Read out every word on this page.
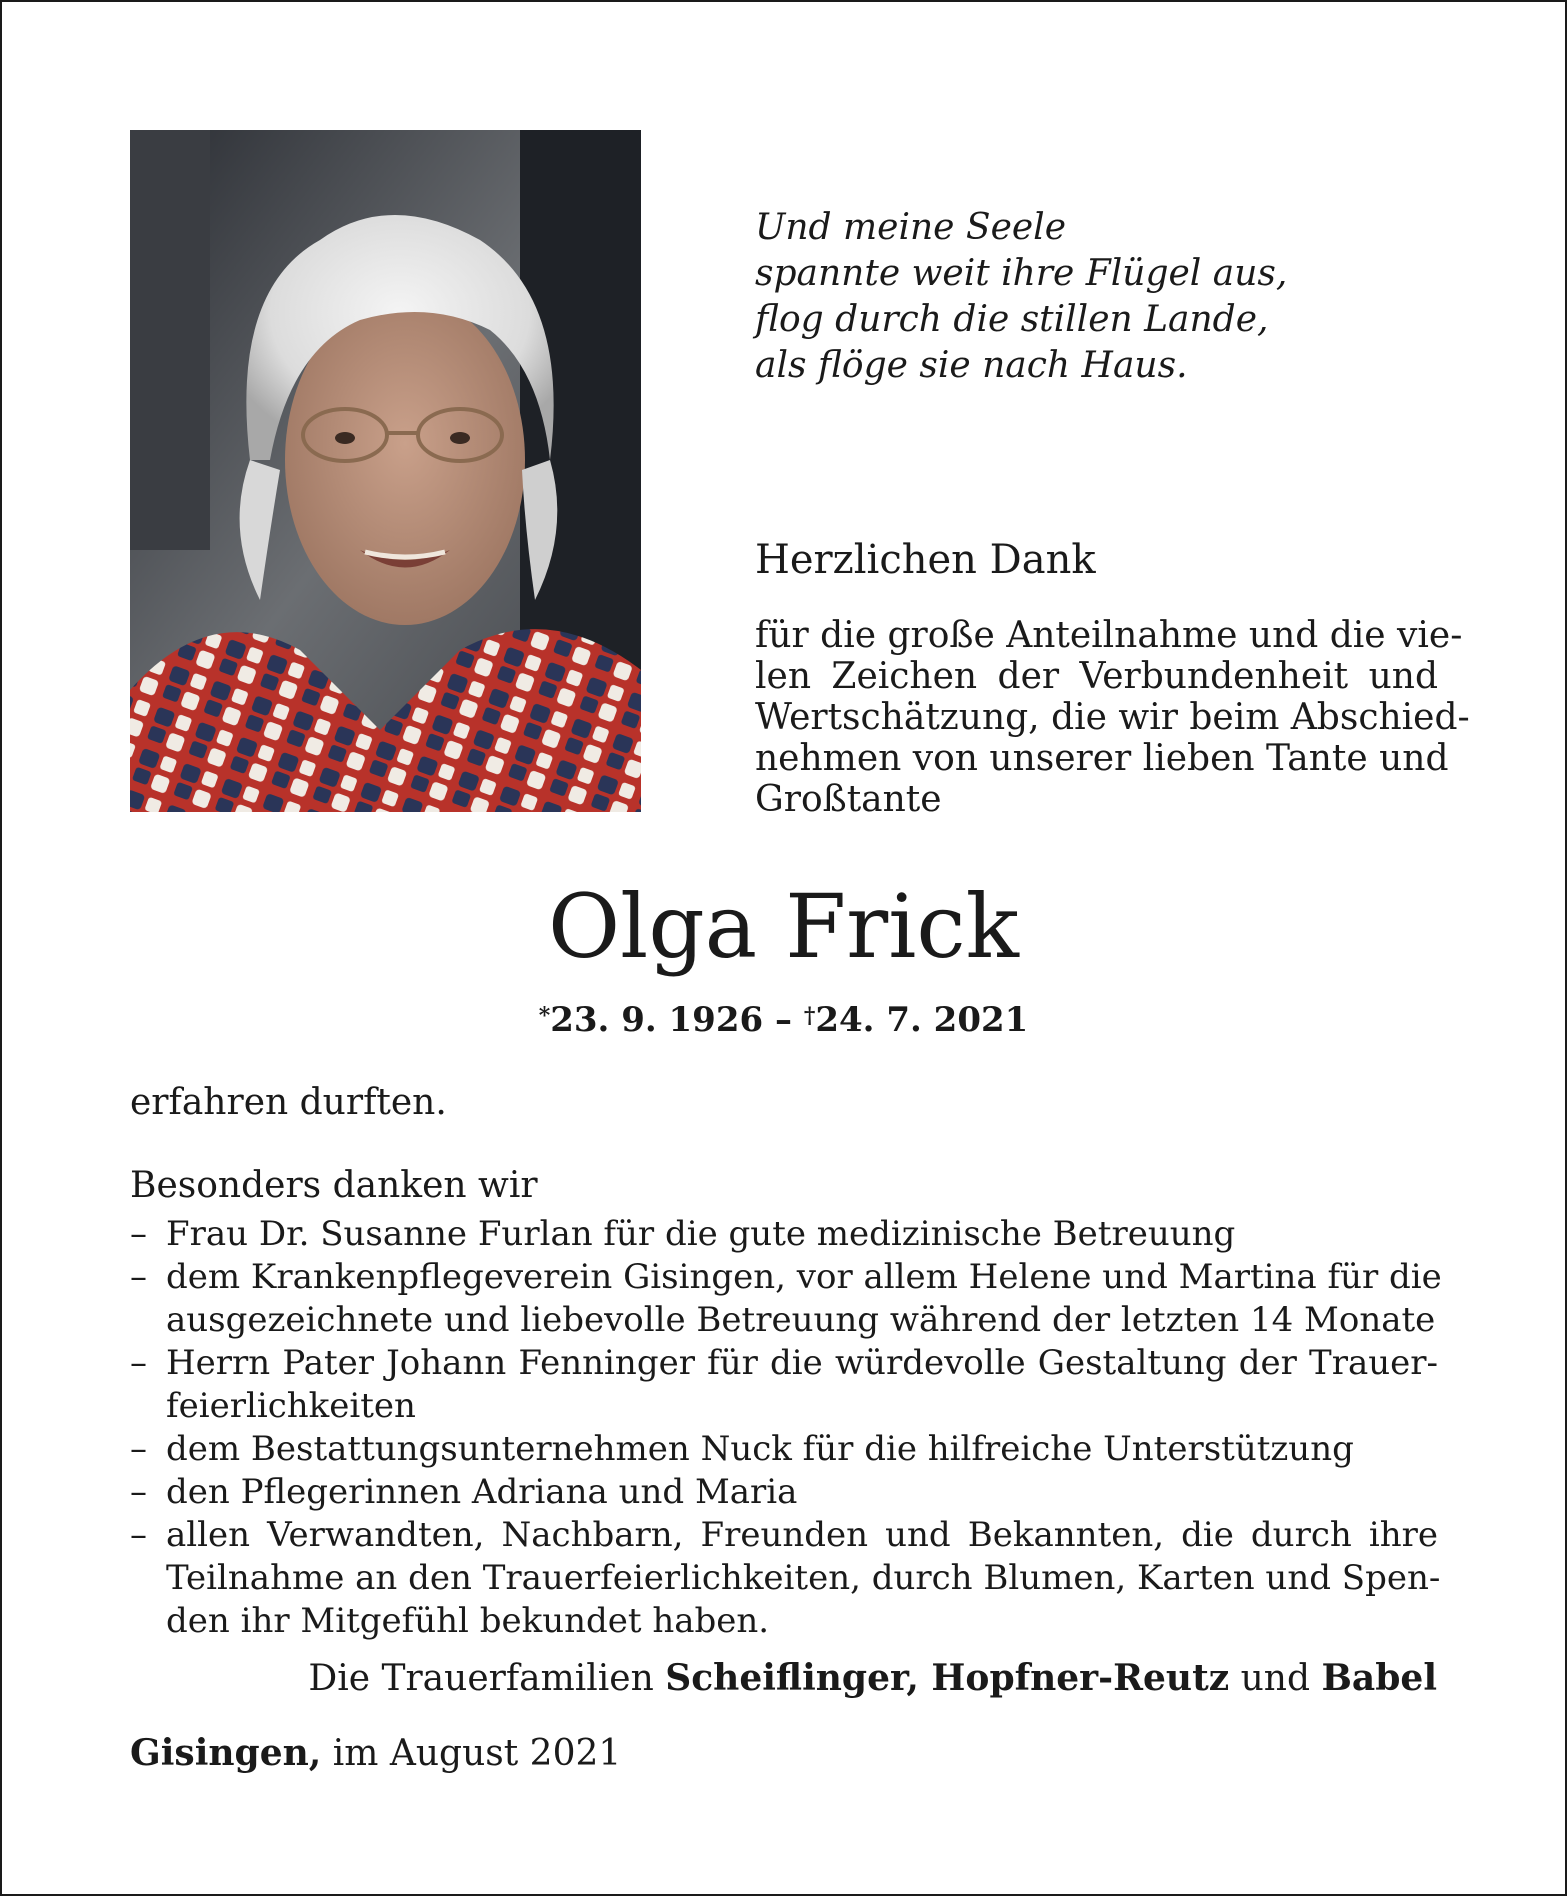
Und meine Seele
spannte weit ihre Flügel aus,
flog durch die stillen Lande,
als flöge sie nach Haus.
Herzlichen Dank
für die große Anteilnahme und die vie-
len Zeichen der Verbundenheit und
Wertschätzung, die wir beim Abschied-
nehmen von unserer lieben Tante und
Großtante
Olga Frick
*23. 9. 1926 – †24. 7. 2021
erfahren durften.
Besonders danken wir
– Frau Dr. Susanne Furlan für die gute medizinische Betreuung
– dem Krankenpflegeverein Gisingen, vor allem Helene und Martina für die
ausgezeichnete und liebevolle Betreuung während der letzten 14 Monate
– Herrn Pater Johann Fenninger für die würdevolle Gestaltung der Trauer-
feierlichkeiten
– dem Bestattungsunternehmen Nuck für die hilfreiche Unterstützung
– den Pflegerinnen Adriana und Maria
– allen Verwandten, Nachbarn, Freunden und Bekannten, die durch ihre
Teilnahme an den Trauerfeierlichkeiten, durch Blumen, Karten und Spen-
den ihr Mitgefühl bekundet haben.
Die Trauerfamilien Scheiflinger, Hopfner-Reutz und Babel
Gisingen, im August 2021
